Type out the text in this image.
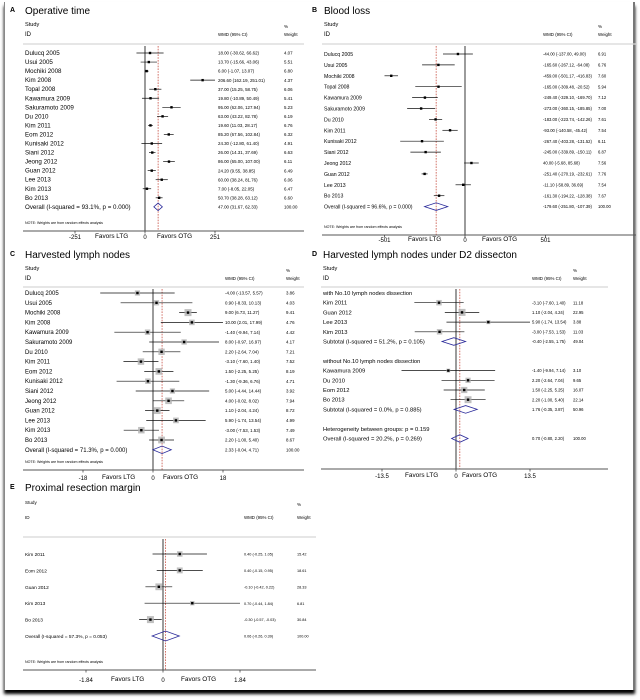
A Operative time
Study
ID	WMD (95% CI)
%
Weight
Dulucq 2005	18.00 (-30.62, 66.62)	4.07
Usui 2005	13.70 (-15.66, 43.06)	5.51
Mochiki 2008	6.00 (-1.07, 13.07)	6.80
Kim 2008	206.60 (162.19, 251.01)	4.37
Topal 2008	37.00 (15.25, 58.75)	6.06
Kawamura 2009	19.80 (-10.89, 50.49)	5.41
Sakuramoto 2009	95.00 (62.06, 127.94)	5.23
Du 2010	63.00 (43.22, 82.78)	6.19
Kim 2011	19.60 (11.03, 28.17)	6.76
Eom 2012	85.20 (67.56, 102.84)	6.32
Kunisaki 2012	24.30 (-12.80, 61.40)	4.91
Siani 2012	26.00 (14.31, 37.69)	6.63
Jeong 2012	86.00 (65.00, 107.00)	6.11
Guan 2012	24.20 (9.55, 38.85)	6.49
Lee 2013	60.00 (38.24, 81.76)	6.06
Kim 2013	7.00 (-8.05, 22.05)	6.47
Bo 2013	50.70 (38.28, 63.12)	6.60
Overall (I-squared = 93.1%, p = 0.000)	47.00 (31.67, 62.33)	100.00
NOTE: Weights are from random effects analysis
-251	0	251
Favors LTG	Favors OTG
B Blood loss
Study
ID	WMD (95% CI)
%
Weight
Dulucq 2005	-44.00 (-137.00, 49.00)	6.91
Usui 2005	-165.60 (-267.12, -64.08) 6.76
Mochiki 2008	-459.00 (-501.17, -416.83) 7.60
Topal 2008	-165.00 (-309.48, -20.52) 5.94
Kawamura 2009	-249.40 (-329.10, -169.70) 7.12
Sakuramoto 2009	-273.00 (-360.15, -185.85) 7.00
Du 2010	-183.00 (-223.74, -142.26) 7.61
Kim 2011	-93.00 (-140.58, -45.42)	7.54
Kunisaki 2012	-267.40 (-403.28, -131.52) 6.11
Siani 2012	-245.00 (-339.89, -150.11) 6.87
Jeong 2012	40.00 (-5.68, 85.68)	7.56
Guan 2012	-251.40 (-270.19, -232.61) 7.76
Lee 2013	-11.10 (-58.89, 36.69)	7.54
Bo 2013	-161.30 (-194.22, -128.38) 7.67
Overall (I-squared = 96.6%, p = 0.000)	-179.60 (-251.80, -107.39) 100.00
NOTE: Weights are from random effects analysis
-501	0	501
Favors LTG	Favors OTG
C Harvested lymph nodes
Study
ID	WMD (95% CI)
%
Weight
Dulucq 2005	-4.00 (-13.57, 5.57)	3.86
Usui 2005	0.90 (-8.33, 10.13)	4.03
Mochiki 2008	9.00 (6.73, 11.27)	9.41
Kim 2008	10.00 (2.01, 17.99)	4.76
Kawamura 2009	-1.40 (-9.94, 7.14)	4.42
Sakuramoto 2009	8.00 (-0.97, 16.97)	4.17
Du 2010	2.20 (-2.64, 7.04)	7.21
Kim 2011	-3.10 (-7.60, 1.40)	7.52
Eom 2012	1.50 (-2.25, 5.25)	8.19
Kunisaki 2012	-1.30 (-9.36, 6.76)	4.71
Siani 2012	5.00 (-4.44, 14.44)	3.92
Jeong 2012	4.00 (-0.02, 8.02)	7.94
Guan 2012	1.10 (-2.04, 4.24)	8.72
Lee 2013	5.90 (-1.74, 13.54)	4.99
Kim 2013	-3.00 (-7.53, 1.53)	7.49
Bo 2013	2.20 (-1.00, 5.40)	8.67
Overall (I-squared = 71.3%, p = 0.000)	2.33 (-0.04, 4.71)	100.00
NOTE: Weights are from random effects analysis
-18	0	18
Favors LTG	Favors OTG
D Harvested lymph nodes under D2 dissecton
Study
ID	WMD (95% CI)
%
Weight
with No.10 lymph nodes dissection
Kim 2011	-3.10 (-7.60, 1.40) 11.18
Guan 2012	1.10 (-2.04, 4.24) 22.95
Lee 2013	5.90 (-1.74, 13.54) 3.88
Kim 2013	-3.00 (-7.53, 1.53) 11.03
Subtotal (I-squared = 51.2%, p = 0.105)	-0.40 (-2.55, 1.75) 49.04
without No.10 lymph nodes dissection
Kawamura 2009	-1.40 (-9.94, 7.14) 3.10
Du 2010	2.20 (-2.64, 7.04) 9.65
Eom 2012	1.50 (-2.25, 5.25) 16.07
Bo 2013	2.20 (-1.00, 5.40) 22.14
Subtotal (I-squared = 0.0%, p = 0.885)	1.76 (-0.35, 3.87) 50.96
Heterogeneity between groups: p = 0.159
Overall (I-squared = 20.2%, p = 0.269)	0.70 (-0.80, 2.20) 100.00
-13.5	0	13.5
Favors LTG	Favors OTG
E Proximal resection margin
Study
ID	WMD (95% CI)
%
Weight
Kim 2011	0.40 (-0.25, 1.05)	15.42
Eom 2012	0.40 (-0.15, 0.95)	18.61
Guan 2012	-0.10 (-0.42, 0.22)	28.33
Kim 2013	0.70 (-0.44, 1.84)	6.81
Bo 2013	-0.30 (-0.57, -0.03)	30.84
Overall (I-squared = 57.3%, p = 0.053)	0.06 (-0.26, 0.39)	100.00
NOTE: Weights are from random effects analysis
-1.84	0	1.84
Favors LTG	Favors OTG
